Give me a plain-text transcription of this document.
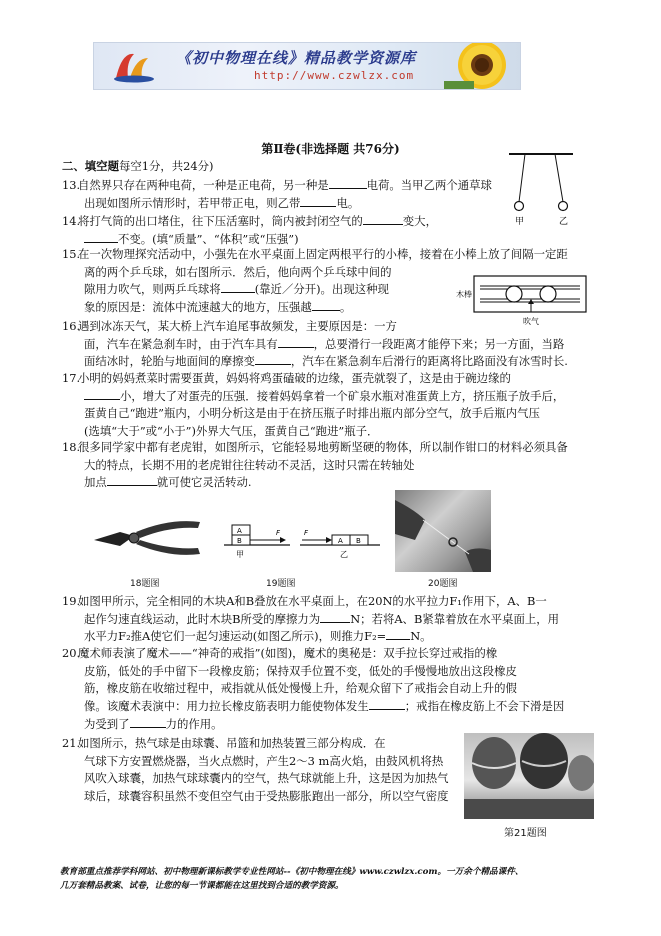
《初中物理在线》精品教学资源库
http://www.czwlzx.com
第Ⅱ卷(非选择题 共76分)
二、填空题每空1分，共24分)
甲	乙
13.自然界只存在两种电荷，一种是正电荷，另一种是	电荷。当甲乙两个通草球
出现如图所示情形时，若甲带正电，则乙带	电。
14.将打气筒的出口堵住，往下压活塞时，筒内被封闭空气的	变大，
不变。(填“质量”、“体积”或“压强”)
木棒
吹气
15.在一次物理探究活动中，小强先在水平桌面上固定两根平行的小棒，接着在小棒上放了间隔一定距
离的两个乒乓球，如右图所示．然后，他向两个乒乓球中间的
隙用力吹气，则两乒乓球将	(靠近／分开)。出现这种现
象的原因是：流体中流速越大的地方，压强越 。
16.遇到冰冻天气，某大桥上汽车追尾事故频发，主要原因是：一方
面，汽车在紧急刹车时，由于汽车具有	，总要滑行一段距离才能停下来；另一方面，当路
面结冰时，轮胎与地面间的摩擦变	，汽车在紧急刹车后滑行的距离将比路面没有冰雪时长.
17.小明的妈妈煮菜时需要蛋黄，妈妈将鸡蛋磕破的边缘，蛋壳就裂了，这是由于碗边缘的
小，增大了对蛋壳的压强．接着妈妈拿着一个矿泉水瓶对准蛋黄上方，挤压瓶子放手后，
蛋黄自己“跑进”瓶内，小明分析这是由于在挤压瓶子时排出瓶内部分空气，放手后瓶内气压
(选填“大于”或“小于”)外界大气压，蛋黄自己“跑进”瓶子．
18.很多同学家中都有老虎钳，如图所示，它能轻易地剪断坚硬的物体，所以制作钳口的材料必须具备
大的特点，长期不用的老虎钳往往转动不灵活，这时只需在转轴处
加点	就可使它灵活转动.
18题图
A
B
F
甲
F
A B
乙
19题图	20题图
19.如图甲所示，完全相同的木块A和B叠放在水平桌面上，在20N的水平拉力F₁作用下，A、B一
起作匀速直线运动，此时木块B所受的摩擦力为	N；若将A、B紧靠着放在水平桌面上，用
水平力F₂推A使它们一起匀速运动(如图乙所示)，则推力F₂= N。
20.魔术师表演了魔术——“神奇的戒指”(如图)，魔术的奥秘是：双手拉长穿过戒指的橡
皮筋，低处的手中留下一段橡皮筋；保持双手位置不变，低处的手慢慢地放出这段橡皮
筋，橡皮筋在收缩过程中，戒指就从低处慢慢上升，给观众留下了戒指会自动上升的假
像。该魔术表演中：用力拉长橡皮筋表明力能使物体发生	；戒指在橡皮筋上不会下滑是因
为受到了	力的作用。
第21题图
21.如图所示，热气球是由球囊、吊篮和加热装置三部分构成．在
气球下方安置燃烧器，当火点燃时，产生2～3 m高火焰，由鼓风机将热
风吹入球囊，加热气球球囊内的空气，热气球就能上升，这是因为加热气
球后，球囊容积虽然不变但空气由于受热膨胀跑出一部分，所以空气密度
教育部重点推荐学科网站、初中物理新课标教学专业性网站--《初中物理在线》www.czwlzx.com。一万余个精品课件、
几万套精品教案、试卷，让您的每一节课都能在这里找到合适的教学资源。
